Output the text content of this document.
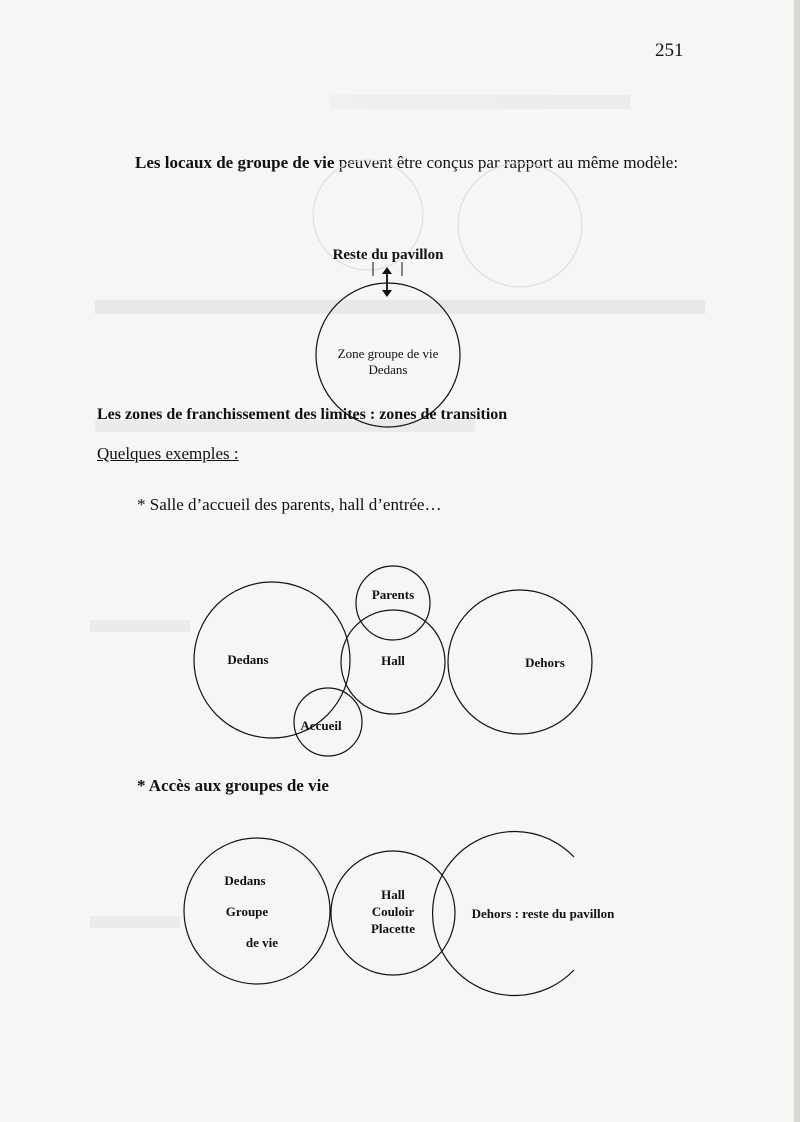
251
Les locaux de groupe de vie peuvent être conçus par rapport au même modèle:
Reste du pavillon
Zone groupe de vie
Dedans
Parents
Dedans	Hall	Dehors
Accueil
Dedans
Groupe
de vie
Hall
Couloir
Placette
Dehors : reste du pavillon
Les zones de franchissement des limites : zones de transition
Quelques exemples :
* Salle d’accueil des parents, hall d’entrée…
* Accès aux groupes de vie
